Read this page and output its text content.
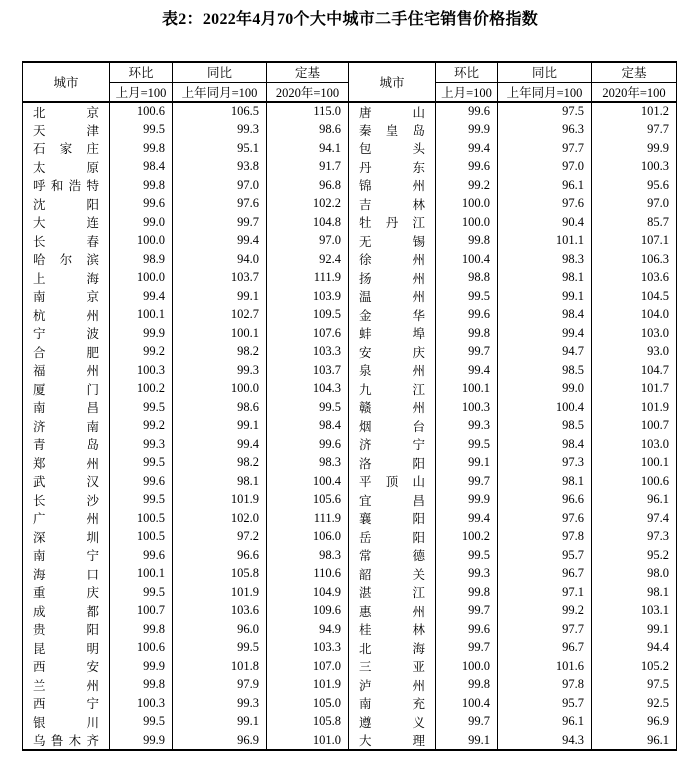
表2：2022年4月70个大中城市二手住宅销售价格指数
城市	环比	同比	定基	城市	环比	同比	定基
	上月=100	上年同月=100	2020年=100		上月=100	上年同月=100	2020年=100

北 京	100.6	106.5	115.0	唐 山	99.6	97.5	101.2

天 津	99.5	99.3	98.6	秦 皇 岛	99.9	96.3	97.7

石 家 庄	99.8	95.1	94.1	包 头	99.4	97.7	99.9

太 原	98.4	93.8	91.7	丹 东	99.6	97.0	100.3

呼 和 浩 特	99.8	97.0	96.8	锦 州	99.2	96.1	95.6

沈 阳	99.6	97.6	102.2	吉 林	100.0	97.6	97.0

大 连	99.0	99.7	104.8	牡 丹 江	100.0	90.4	85.7

长 春	100.0	99.4	97.0	无 锡	99.8	101.1	107.1

哈 尔 滨	98.9	94.0	92.4	徐 州	100.4	98.3	106.3

上 海	100.0	103.7	111.9	扬 州	98.8	98.1	103.6

南 京	99.4	99.1	103.9	温 州	99.5	99.1	104.5

杭 州	100.1	102.7	109.5	金 华	99.6	98.4	104.0

宁 波	99.9	100.1	107.6	蚌 埠	99.8	99.4	103.0

合 肥	99.2	98.2	103.3	安 庆	99.7	94.7	93.0

福 州	100.3	99.3	103.7	泉 州	99.4	98.5	104.7

厦 门	100.2	100.0	104.3	九 江	100.1	99.0	101.7

南 昌	99.5	98.6	99.5	赣 州	100.3	100.4	101.9

济 南	99.2	99.1	98.4	烟 台	99.3	98.5	100.7

青 岛	99.3	99.4	99.6	济 宁	99.5	98.4	103.0

郑 州	99.5	98.2	98.3	洛 阳	99.1	97.3	100.1

武 汉	99.6	98.1	100.4	平 顶 山	99.7	98.1	100.6

长 沙	99.5	101.9	105.6	宜 昌	99.9	96.6	96.1

广 州	100.5	102.0	111.9	襄 阳	99.4	97.6	97.4

深 圳	100.5	97.2	106.0	岳 阳	100.2	97.8	97.3

南 宁	99.6	96.6	98.3	常 德	99.5	95.7	95.2

海 口	100.1	105.8	110.6	韶 关	99.3	96.7	98.0

重 庆	99.5	101.9	104.9	湛 江	99.8	97.1	98.1

成 都	100.7	103.6	109.6	惠 州	99.7	99.2	103.1

贵 阳	99.8	96.0	94.9	桂 林	99.6	97.7	99.1

昆 明	100.6	99.5	103.3	北 海	99.7	96.7	94.4

西 安	99.9	101.8	107.0	三 亚	100.0	101.6	105.2

兰 州	99.8	97.9	101.9	泸 州	99.8	97.8	97.5

西 宁	100.3	99.3	105.0	南 充	100.4	95.7	92.5

银 川	99.5	99.1	105.8	遵 义	99.7	96.1	96.9

乌 鲁 木 齐	99.9	96.9	101.0	大 理	99.1	94.3	96.1
